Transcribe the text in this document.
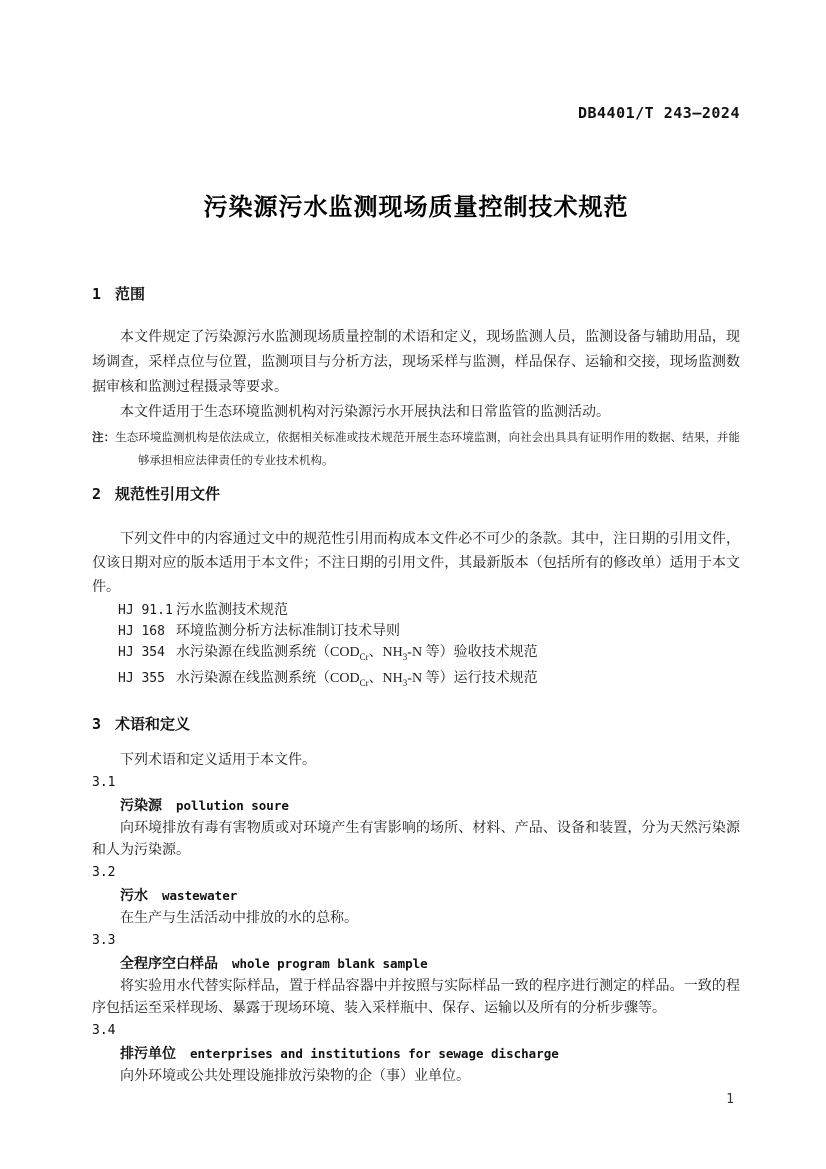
DB4401/T 243—2024
污染源污水监测现场质量控制技术规范
1 范围

本文件规定了污染源污水监测现场质量控制的术语和定义，现场监测人员，监测设备与辅助用品，现场调查，采样点位与位置，监测项目与分析方法，现场采样与监测，样品保存、运输和交接，现场监测数据审核和监测过程摄录等要求。

本文件适用于生态环境监测机构对污染源污水开展执法和日常监管的监测活动。

注：生态环境监测机构是依法成立，依据相关标准或技术规范开展生态环境监测，向社会出具具有证明作用的数据、结果，并能够承担相应法律责任的专业技术机构。
2 规范性引用文件

下列文件中的内容通过文中的规范性引用而构成本文件必不可少的条款。其中，注日期的引用文件，仅该日期对应的版本适用于本文件；不注日期的引用文件，其最新版本（包括所有的修改单）适用于本文件。

HJ 91.1 污水监测技术规范
HJ 168 环境监测分析方法标准制订技术导则
HJ 354 水污染源在线监测系统（$COD_{Cr}$、$NH_3-N$ 等）验收技术规范
HJ 355 水污染源在线监测系统（$COD_{Cr}$、$NH_3-N$ 等）运行技术规范
3 术语和定义

下列术语和定义适用于本文件。

3.1
污染源 pollution soure

向环境排放有毒有害物质或对环境产生有害影响的场所、材料、产品、设备和装置，分为天然污染源和人为污染源。

3.2
污水 wastewater

在生产与生活活动中排放的水的总称。

3.3
全程序空白样品 whole program blank sample

将实验用水代替实际样品，置于样品容器中并按照与实际样品一致的程序进行测定的样品。一致的程序包括运至采样现场、暴露于现场环境、装入采样瓶中、保存、运输以及所有的分析步骤等。

3.4
排污单位 enterprises and institutions for sewage discharge

向外环境或公共处理设施排放污染物的企（事）业单位。

1
